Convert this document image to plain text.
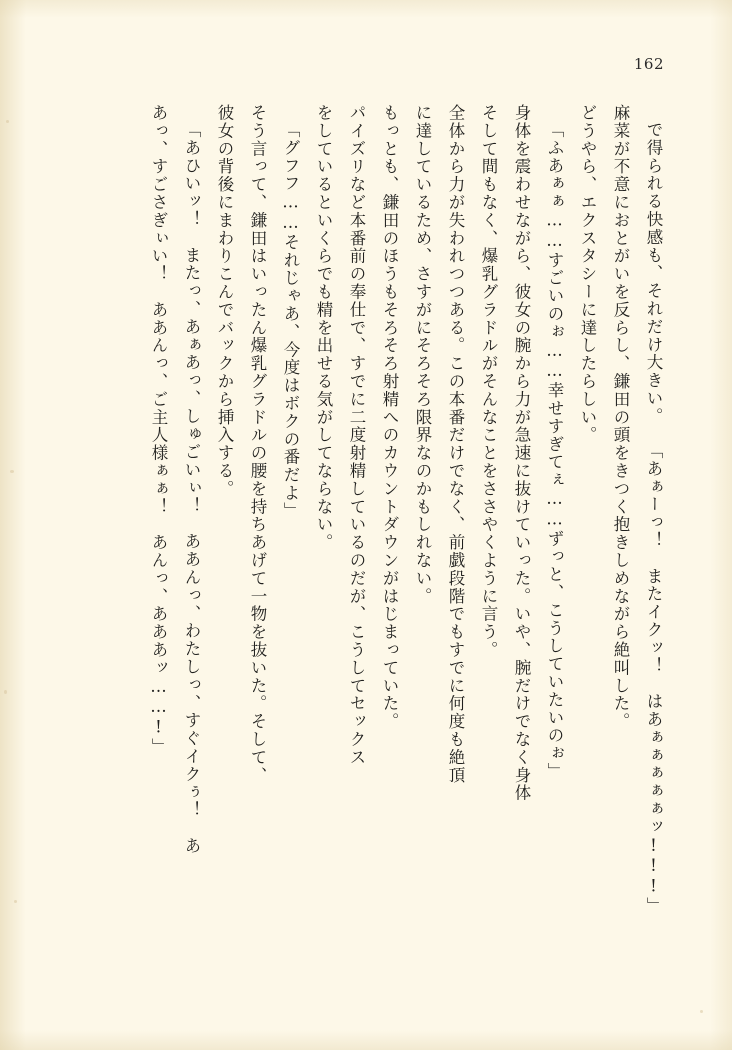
162

で得られる快感も、それだけ大きい。

「あぁーっ！　またイクッ！　はあぁぁぁぁぁッ!!!」

麻菜が不意におとがいを反らし、鎌田の頭をきつく抱きしめながら絶叫した。

どうやら、エクスタシーに達したらしい。

「ふあぁぁ……すごいのぉ……幸せすぎてぇ……ずっと、こうしていたいのぉ」

身体を震わせながら、彼女の腕から力が急速に抜けていった。いや、腕だけでなく身体

そして間もなく、爆乳グラドルがそんなことをささやくように言う。

全体から力が失われつつある。この本番だけでなく、前戯段階でもすでに何度も絶頂

に達しているため、さすがにそろそろ限界なのかもしれない。

もっとも、鎌田のほうもそろそろ射精へのカウントダウンがはじまっていた。

パイズリなど本番前の奉仕で、すでに二度射精しているのだが、こうしてセックス

をしているといくらでも精を出せる気がしてならない。

「グフフ……それじゃあ、今度はボクの番だよ」

そう言って、鎌田はいったん爆乳グラドルの腰を持ちあげて一物を抜いた。そして、

彼女の背後にまわりこんでバックから挿入する。

「あひいッ！　またっ、あぁあっ、しゅごいぃ！　ああんっ、わたしっ、すぐイクぅ！　あ

あっ、すごさぎぃい！　ああんっ、ご主人様ぁぁ！　あんっ、あああッ……!」
